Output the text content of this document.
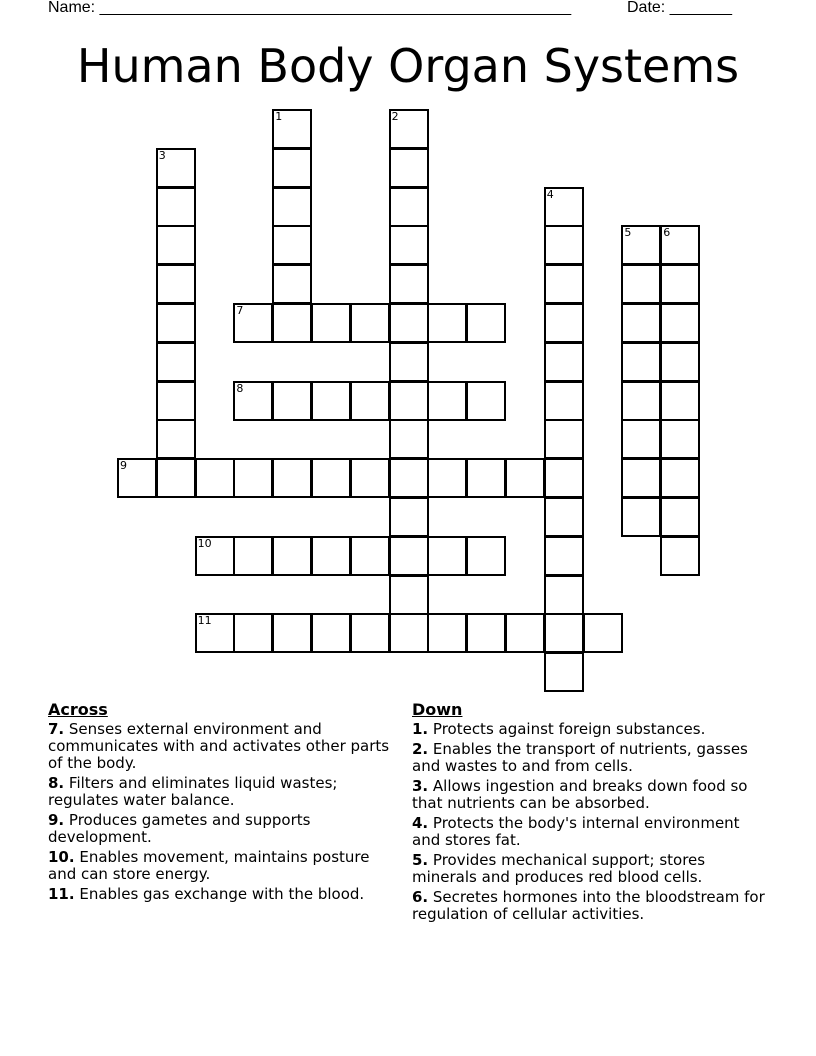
Name: _____________________________________________________	Date: _______
Human Body Organ Systems
1	2
3
4
5	6
7
8
9
10
11
Across
7. Senses external environment and communicates with and activates other parts of the body.
8. Filters and eliminates liquid wastes; regulates water balance.
9. Produces gametes and supports development.
10. Enables movement, maintains posture and can store energy.
11. Enables gas exchange with the blood.
Down
1. Protects against foreign substances.
2. Enables the transport of nutrients, gasses and wastes to and from cells.
3. Allows ingestion and breaks down food so that nutrients can be absorbed.
4. Protects the body's internal environment and stores fat.
5. Provides mechanical support; stores minerals and produces red blood cells.
6. Secretes hormones into the bloodstream for regulation of cellular activities.
